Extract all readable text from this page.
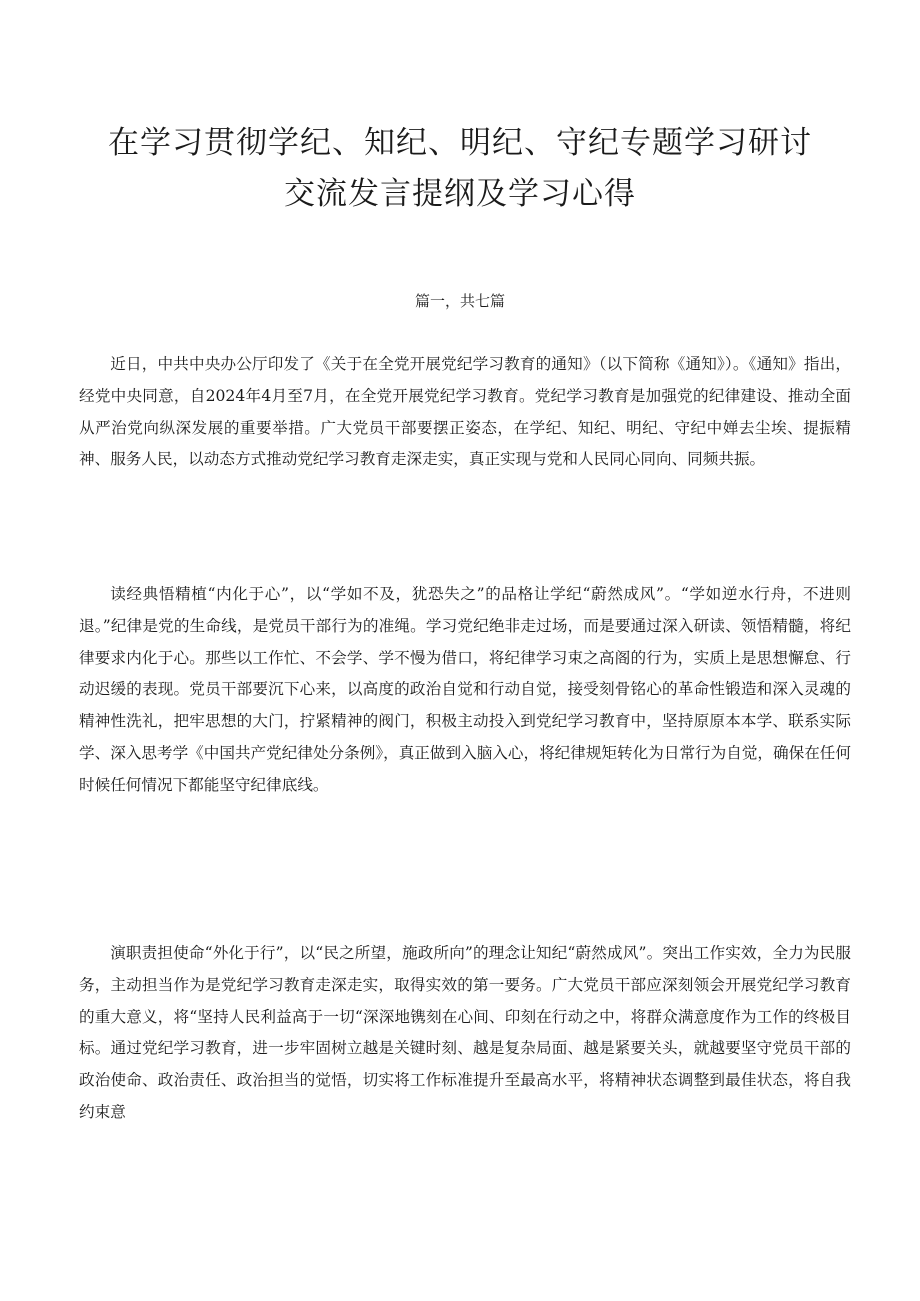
在学习贯彻学纪、知纪、明纪、守纪专题学习研讨
交流发言提纲及学习心得

篇一，共七篇

近日，中共中央办公厅印发了《关于在全党开展党纪学习教育的通知》（以下简称《通知》）。《通知》指出，经党中央同意，自2024年4月至7月，在全党开展党纪学习教育。党纪学习教育是加强党的纪律建设、推动全面从严治党向纵深发展的重要举措。广大党员干部要摆正姿态，在学纪、知纪、明纪、守纪中婵去尘埃、提振精神、服务人民，以动态方式推动党纪学习教育走深走实，真正实现与党和人民同心同向、同频共振。

读经典悟精植“内化于心”，以“学如不及，犹恐失之”的品格让学纪“蔚然成风”。“学如逆水行舟，不进则退。”纪律是党的生命线，是党员干部行为的准绳。学习党纪绝非走过场，而是要通过深入研读、领悟精髓，将纪律要求内化于心。那些以工作忙、不会学、学不慢为借口，将纪律学习束之高阁的行为，实质上是思想懈怠、行动迟缓的表现。党员干部要沉下心来，以高度的政治自觉和行动自觉，接受刻骨铭心的革命性锻造和深入灵魂的精神性洗礼，把牢思想的大门，拧紧精神的阀门，积极主动投入到党纪学习教育中，坚持原原本本学、联系实际学、深入思考学《中国共产党纪律处分条例》，真正做到入脑入心，将纪律规矩转化为日常行为自觉，确保在任何时候任何情况下都能坚守纪律底线。

演职责担使命“外化于行”，以“民之所望，施政所向”的理念让知纪“蔚然成风”。突出工作实效，全力为民服务，主动担当作为是党纪学习教育走深走实，取得实效的第一要务。广大党员干部应深刻领会开展党纪学习教育的重大意义，将“坚持人民利益高于一切“深深地镌刻在心间、印刻在行动之中，将群众满意度作为工作的终极目标。通过党纪学习教育，进一步牢固树立越是关键时刻、越是复杂局面、越是紧要关头，就越要坚守党员干部的政治使命、政治责任、政治担当的觉悟，切实将工作标准提升至最高水平，将精神状态调整到最佳状态，将自我约束意
